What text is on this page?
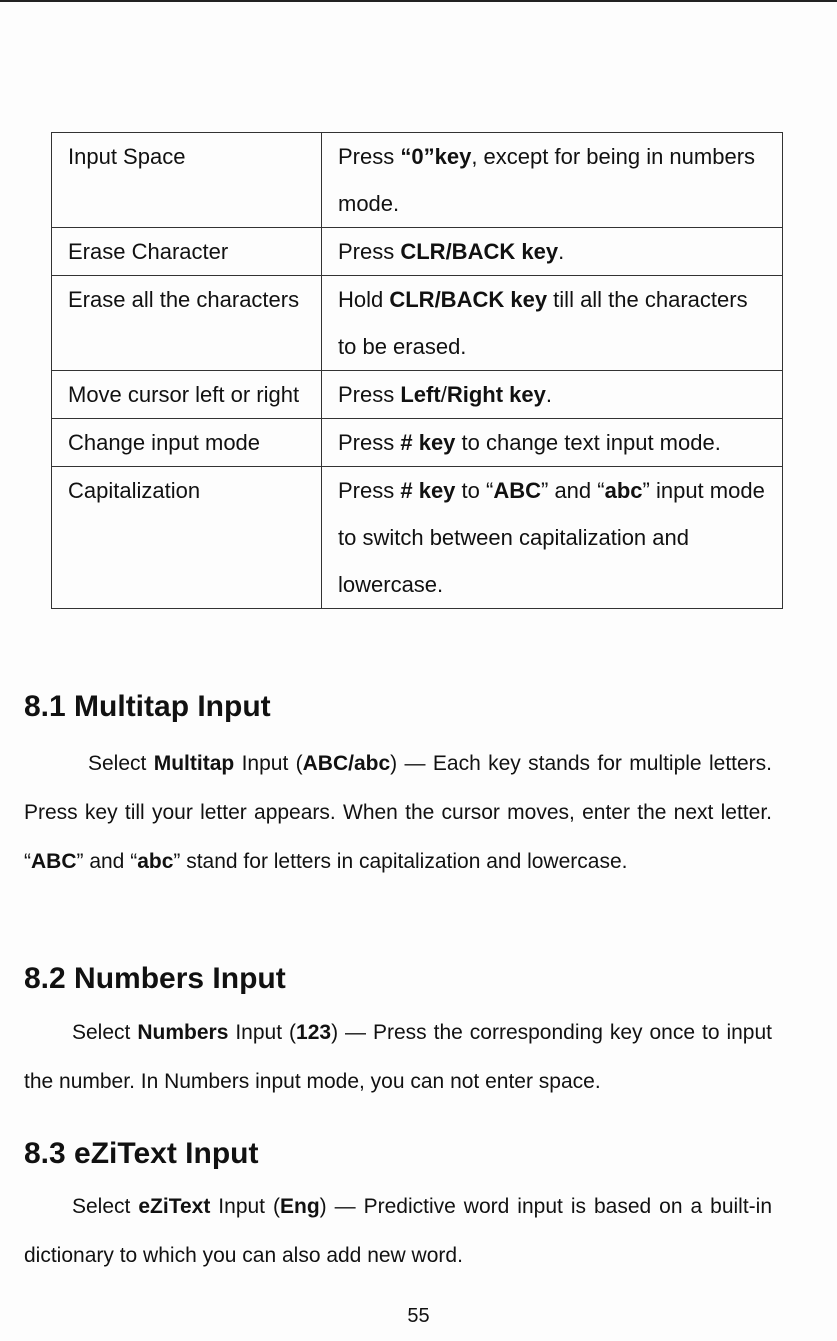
Input Space	Press “0”key, except for being in numbers mode.
Erase Character	Press CLR/BACK key.
Erase all the characters	Hold CLR/BACK key till all the characters to be erased.
Move cursor left or right	Press Left/Right key.
Change input mode	Press # key to change text input mode.
Capitalization	Press # key to “ABC” and “abc” input mode to switch between capitalization and lowercase.
8.1 Multitap Input

Select Multitap Input (ABC/abc) — Each key stands for multiple letters. Press key till your letter appears. When the cursor moves, enter the next letter. “ABC” and “abc” stand for letters in capitalization and lowercase.

8.2 Numbers Input

Select Numbers Input (123) — Press the corresponding key once to input the number. In Numbers input mode, you can not enter space.

8.3 eZiText Input

Select eZiText Input (Eng) — Predictive word input is based on a built-in dictionary to which you can also add new word.

55
